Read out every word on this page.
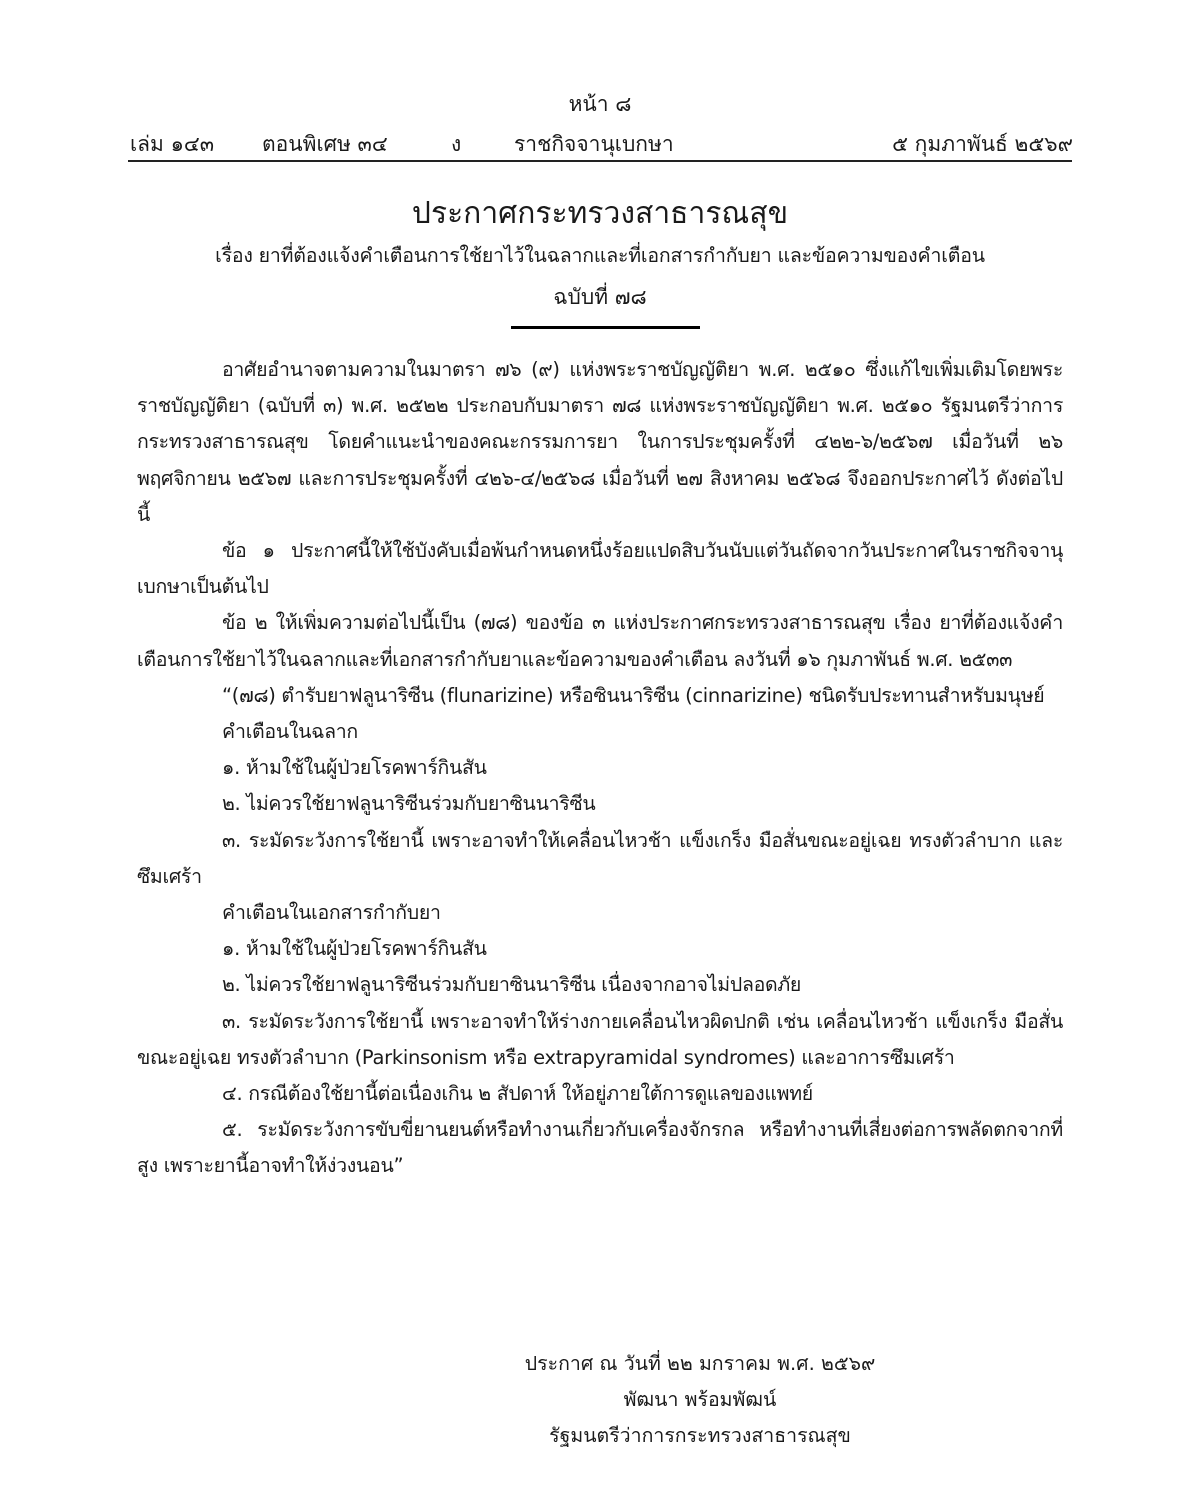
หน้า ๘
เล่ม ๑๔๓ ตอนพิเศษ ๓๔	ง	ราชกิจจานุเบกษา	๕ กุมภาพันธ์ ๒๕๖๙
ประกาศกระทรวงสาธารณสุข
เรื่อง ยาที่ต้องแจ้งคำเตือนการใช้ยาไว้ในฉลากและที่เอกสารกำกับยา และข้อความของคำเตือน
ฉบับที่ ๗๘

อาศัยอำนาจตามความในมาตรา ๗๖ (๙) แห่งพระราชบัญญัติยา พ.ศ. ๒๕๑๐ ซึ่งแก้ไขเพิ่มเติมโดยพระราชบัญญัติยา (ฉบับที่ ๓) พ.ศ. ๒๕๒๒ ประกอบกับมาตรา ๗๘ แห่งพระราชบัญญัติยา พ.ศ. ๒๕๑๐ รัฐมนตรีว่าการกระทรวงสาธารณสุข โดยคำแนะนำของคณะกรรมการยา ในการประชุมครั้งที่ ๔๒๒-๖/๒๕๖๗ เมื่อวันที่ ๒๖ พฤศจิกายน ๒๕๖๗ และการประชุมครั้งที่ ๔๒๖-๔/๒๕๖๘ เมื่อวันที่ ๒๗ สิงหาคม ๒๕๖๘ จึงออกประกาศไว้ ดังต่อไปนี้

ข้อ ๑ ประกาศนี้ให้ใช้บังคับเมื่อพ้นกำหนดหนึ่งร้อยแปดสิบวันนับแต่วันถัดจากวันประกาศในราชกิจจานุเบกษาเป็นต้นไป

ข้อ ๒ ให้เพิ่มความต่อไปนี้เป็น (๗๘) ของข้อ ๓ แห่งประกาศกระทรวงสาธารณสุข เรื่อง ยาที่ต้องแจ้งคำเตือนการใช้ยาไว้ในฉลากและที่เอกสารกำกับยาและข้อความของคำเตือน ลงวันที่ ๑๖ กุมภาพันธ์ พ.ศ. ๒๕๓๓

“(๗๘) ตำรับยาฟลูนาริซีน (flunarizine) หรือซินนาริซีน (cinnarizine) ชนิดรับประทานสำหรับมนุษย์

คำเตือนในฉลาก

๑. ห้ามใช้ในผู้ป่วยโรคพาร์กินสัน

๒. ไม่ควรใช้ยาฟลูนาริซีนร่วมกับยาซินนาริซีน

๓. ระมัดระวังการใช้ยานี้ เพราะอาจทำให้เคลื่อนไหวช้า แข็งเกร็ง มือสั่นขณะอยู่เฉย ทรงตัวลำบาก และซึมเศร้า

คำเตือนในเอกสารกำกับยา

๑. ห้ามใช้ในผู้ป่วยโรคพาร์กินสัน

๒. ไม่ควรใช้ยาฟลูนาริซีนร่วมกับยาซินนาริซีน เนื่องจากอาจไม่ปลอดภัย

๓. ระมัดระวังการใช้ยานี้ เพราะอาจทำให้ร่างกายเคลื่อนไหวผิดปกติ เช่น เคลื่อนไหวช้า แข็งเกร็ง มือสั่นขณะอยู่เฉย ทรงตัวลำบาก (Parkinsonism หรือ extrapyramidal syndromes) และอาการซึมเศร้า

๔. กรณีต้องใช้ยานี้ต่อเนื่องเกิน ๒ สัปดาห์ ให้อยู่ภายใต้การดูแลของแพทย์

๕. ระมัดระวังการขับขี่ยานยนต์หรือทำงานเกี่ยวกับเครื่องจักรกล หรือทำงานที่เสี่ยงต่อการพลัดตกจากที่สูง เพราะยานี้อาจทำให้ง่วงนอน”

ประกาศ ณ วันที่ ๒๒ มกราคม พ.ศ. ๒๕๖๙
พัฒนา พร้อมพัฒน์
รัฐมนตรีว่าการกระทรวงสาธารณสุข
